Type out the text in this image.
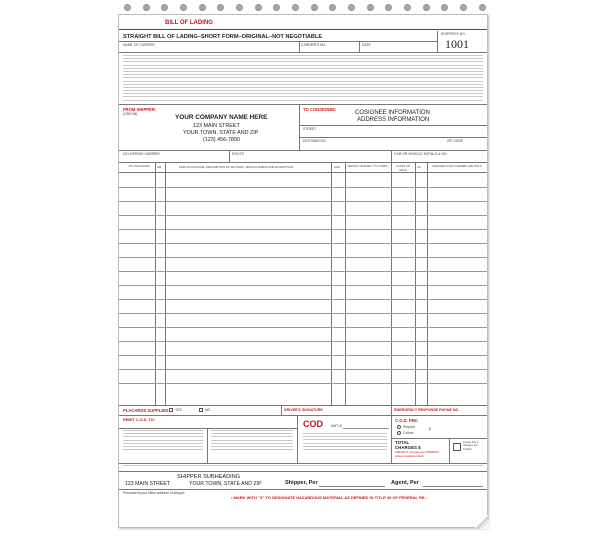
BILL OF LADING
STRAIGHT BILL OF LADING–SHORT FORM–ORIGINAL–NOT NEGOTIABLE	SHIPPER'S NO.
1001
NAME OF CARRIER	CARRIER'S NO.	DATE
FROM SHIPPER:
(ORIGIN)	YOUR COMPANY NAME HERE
123 MAIN STREET
YOUR TOWN, STATE AND ZIP
(123) 456-7890
TO CONSIGNEE:
COSIGNEE INFORMATION
ADDRESS INFORMATION
STREET
DESTINATION	ZIP CODE
DELIVERING CARRIER	ROUTE	CAR OR VEHICLE INITIALS & NO.
NO. PACKAGES	HM	KIND OF PACKAGE, DESCRIPTION OF ARTICLES, SPECIAL MARKS AND EXCEPTIONS	CHG	WEIGHT (SUBJECT TO CORR.)	CLASS OR RATE
CK	CHARGES (FOR CARRIER USE ONLY)
PLACARDS SUPPLIED	YES	NO	DRIVER'S SIGNATURE	EMERGENCY RESPONSE PHONE NO.
REMIT C.O.D. TO:	COD AMT: $
C.O.D. FEE:
Prepaid
Collect
$
TOTAL
CHARGES $
FREIGHT charges are PREPAID unless marked collect.
Check box if charges are Collect.
SHIPPER SUBHEADING
123 MAIN STREET	YOUR TOWN, STATE AND ZIP	Shipper, Per	Agent, Per
Permanent post office address of shipper
• MARK WITH "X" TO DESIGNATE HAZARDOUS MATERIAL AS DEFINED IN TITLE 49 OF FEDERAL RE...
